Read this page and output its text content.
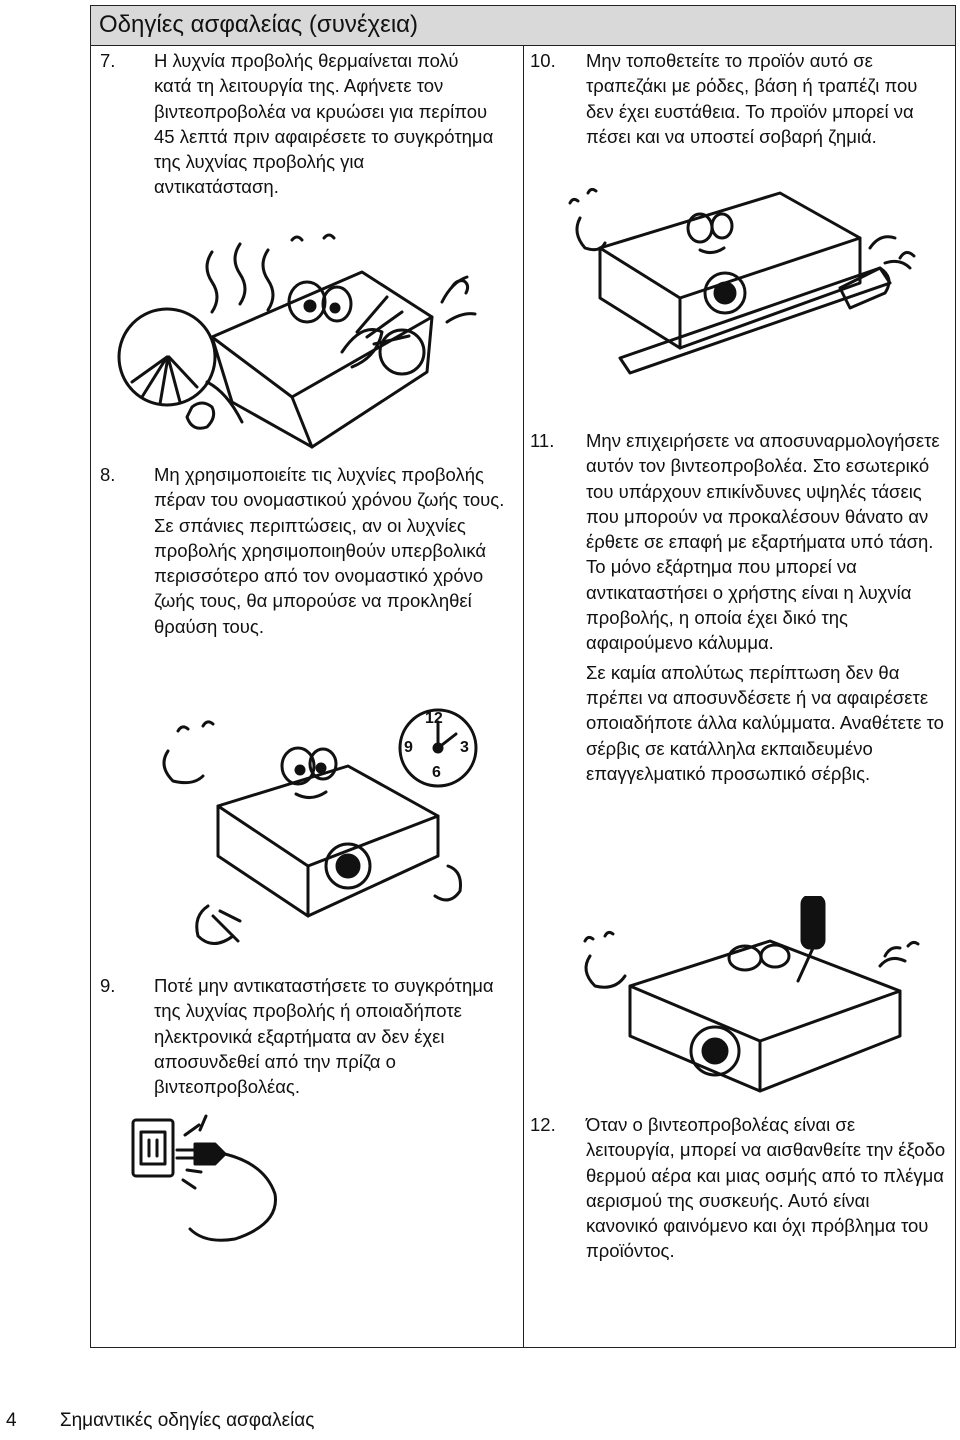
Οδηγίες ασφαλείας (συνέχεια)
7. Η λυχνία προβολής θερμαίνεται πολύ κατά τη λειτουργία της. Αφήνετε τον βιντεοπροβολέα να κρυώσει για περίπου 45 λεπτά πριν αφαιρέσετε το συγκρότημα της λυχνίας προβολής για αντικατάσταση.

8. Μη χρησιμοποιείτε τις λυχνίες προβολής πέραν του ονομαστικού χρόνου ζωής τους. Σε σπάνιες περιπτώσεις, αν οι λυχνίες προβολής χρησιμοποιηθούν υπερβολικά περισσότερο από τον ονομαστικό χρόνο ζωής τους, θα μπορούσε να προκληθεί θραύση τους.

9. Ποτέ μην αντικαταστήσετε το συγκρότημα της λυχνίας προβολής ή οποιαδήποτε ηλεκτρονικά εξαρτήματα αν δεν έχει αποσυνδεθεί από την πρίζα ο βιντεοπροβολέας.

10. Μην τοποθετείτε το προϊόν αυτό σε τραπεζάκι με ρόδες, βάση ή τραπέζι που δεν έχει ευστάθεια. Το προϊόν μπορεί να πέσει και να υποστεί σοβαρή ζημιά.

11. Μην επιχειρήσετε να αποσυναρμολογήσετε αυτόν τον βιντεοπροβολέα. Στο εσωτερικό του υπάρχουν επικίνδυνες υψηλές τάσεις που μπορούν να προκαλέσουν θάνατο αν έρθετε σε επαφή με εξαρτήματα υπό τάση. Το μόνο εξάρτημα που μπορεί να αντικαταστήσει ο χρήστης είναι η λυχνία προβολής, η οποία έχει δικό της αφαιρούμενο κάλυμμα.

Σε καμία απολύτως περίπτωση δεν θα πρέπει να αποσυνδέσετε ή να αφαιρέσετε οποιαδήποτε άλλα καλύμματα. Αναθέτετε το σέρβις σε κατάλληλα εκπαιδευμένο επαγγελματικό προσωπικό σέρβις.

12. Όταν ο βιντεοπροβολέας είναι σε λειτουργία, μπορεί να αισθανθείτε την έξοδο θερμού αέρα και μιας οσμής από το πλέγμα αερισμού της συσκευής. Αυτό είναι κανονικό φαινόμενο και όχι πρόβλημα του προϊόντος.

12
3
6
9
4 Σημαντικές οδηγίες ασφαλείας
